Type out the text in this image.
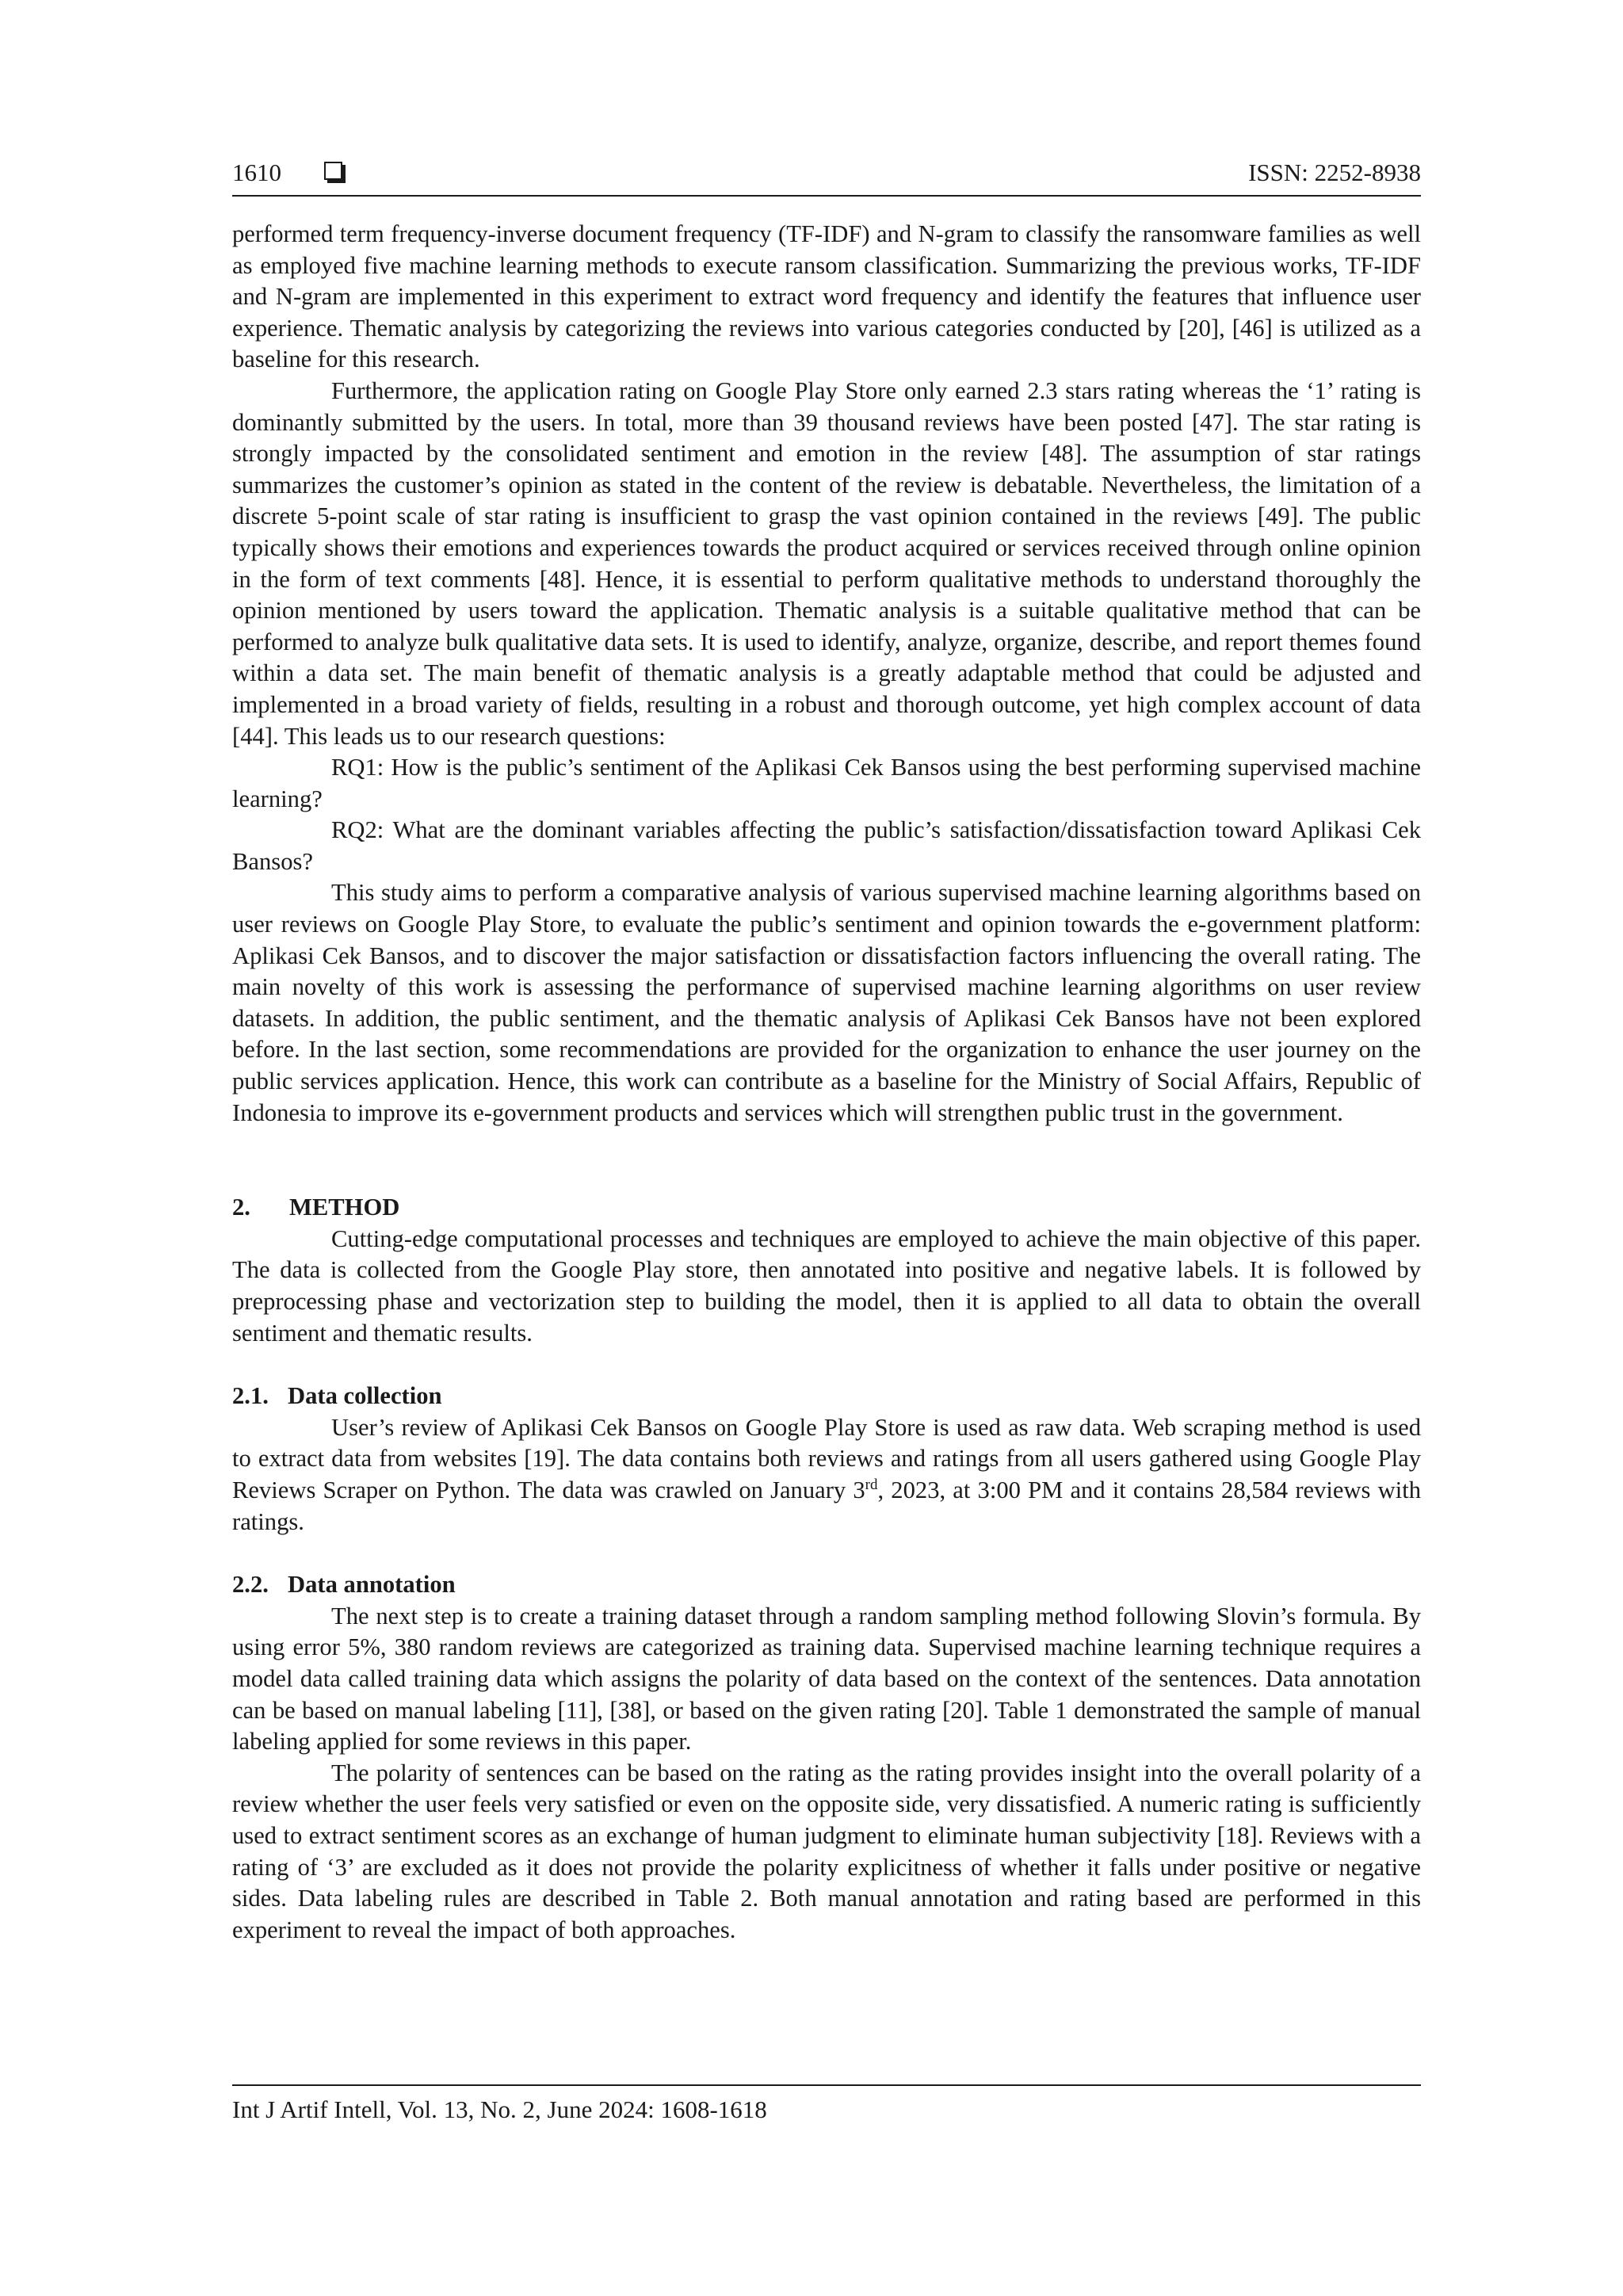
1610	ISSN: 2252-8938

performed term frequency-inverse document frequency (TF-IDF) and N-gram to classify the ransomware families as well as employed five machine learning methods to execute ransom classification. Summarizing the previous works, TF-IDF and N-gram are implemented in this experiment to extract word frequency and identify the features that influence user experience. Thematic analysis by categorizing the reviews into various categories conducted by [20], [46] is utilized as a baseline for this research.

Furthermore, the application rating on Google Play Store only earned 2.3 stars rating whereas the ‘1’ rating is dominantly submitted by the users. In total, more than 39 thousand reviews have been posted [47]. The star rating is strongly impacted by the consolidated sentiment and emotion in the review [48]. The assumption of star ratings summarizes the customer’s opinion as stated in the content of the review is debatable. Nevertheless, the limitation of a discrete 5-point scale of star rating is insufficient to grasp the vast opinion contained in the reviews [49]. The public typically shows their emotions and experiences towards the product acquired or services received through online opinion in the form of text comments [48]. Hence, it is essential to perform qualitative methods to understand thoroughly the opinion mentioned by users toward the application. Thematic analysis is a suitable qualitative method that can be performed to analyze bulk qualitative data sets. It is used to identify, analyze, organize, describe, and report themes found within a data set. The main benefit of thematic analysis is a greatly adaptable method that could be adjusted and implemented in a broad variety of fields, resulting in a robust and thorough outcome, yet high complex account of data [44]. This leads us to our research questions:

RQ1: How is the public’s sentiment of the Aplikasi Cek Bansos using the best performing supervised machine learning?

RQ2: What are the dominant variables affecting the public’s satisfaction/dissatisfaction toward Aplikasi Cek Bansos?

This study aims to perform a comparative analysis of various supervised machine learning algorithms based on user reviews on Google Play Store, to evaluate the public’s sentiment and opinion towards the e-government platform: Aplikasi Cek Bansos, and to discover the major satisfaction or dissatisfaction factors influencing the overall rating. The main novelty of this work is assessing the performance of supervised machine learning algorithms on user review datasets. In addition, the public sentiment, and the thematic analysis of Aplikasi Cek Bansos have not been explored before. In the last section, some recommendations are provided for the organization to enhance the user journey on the public services application. Hence, this work can contribute as a baseline for the Ministry of Social Affairs, Republic of Indonesia to improve its e-government products and services which will strengthen public trust in the government.

2. METHOD

Cutting-edge computational processes and techniques are employed to achieve the main objective of this paper. The data is collected from the Google Play store, then annotated into positive and negative labels. It is followed by preprocessing phase and vectorization step to building the model, then it is applied to all data to obtain the overall sentiment and thematic results.

2.1. Data collection

User’s review of Aplikasi Cek Bansos on Google Play Store is used as raw data. Web scraping method is used to extract data from websites [19]. The data contains both reviews and ratings from all users gathered using Google Play Reviews Scraper on Python. The data was crawled on January 3rd, 2023, at 3:00 PM and it contains 28,584 reviews with ratings.

2.2. Data annotation

The next step is to create a training dataset through a random sampling method following Slovin’s formula. By using error 5%, 380 random reviews are categorized as training data. Supervised machine learning technique requires a model data called training data which assigns the polarity of data based on the context of the sentences. Data annotation can be based on manual labeling [11], [38], or based on the given rating [20]. Table 1 demonstrated the sample of manual labeling applied for some reviews in this paper.

The polarity of sentences can be based on the rating as the rating provides insight into the overall polarity of a review whether the user feels very satisfied or even on the opposite side, very dissatisfied. A numeric rating is sufficiently used to extract sentiment scores as an exchange of human judgment to eliminate human subjectivity [18]. Reviews with a rating of ‘3’ are excluded as it does not provide the polarity explicitness of whether it falls under positive or negative sides. Data labeling rules are described in Table 2. Both manual annotation and rating based are performed in this experiment to reveal the impact of both approaches.

Int J Artif Intell, Vol. 13, No. 2, June 2024: 1608-1618
